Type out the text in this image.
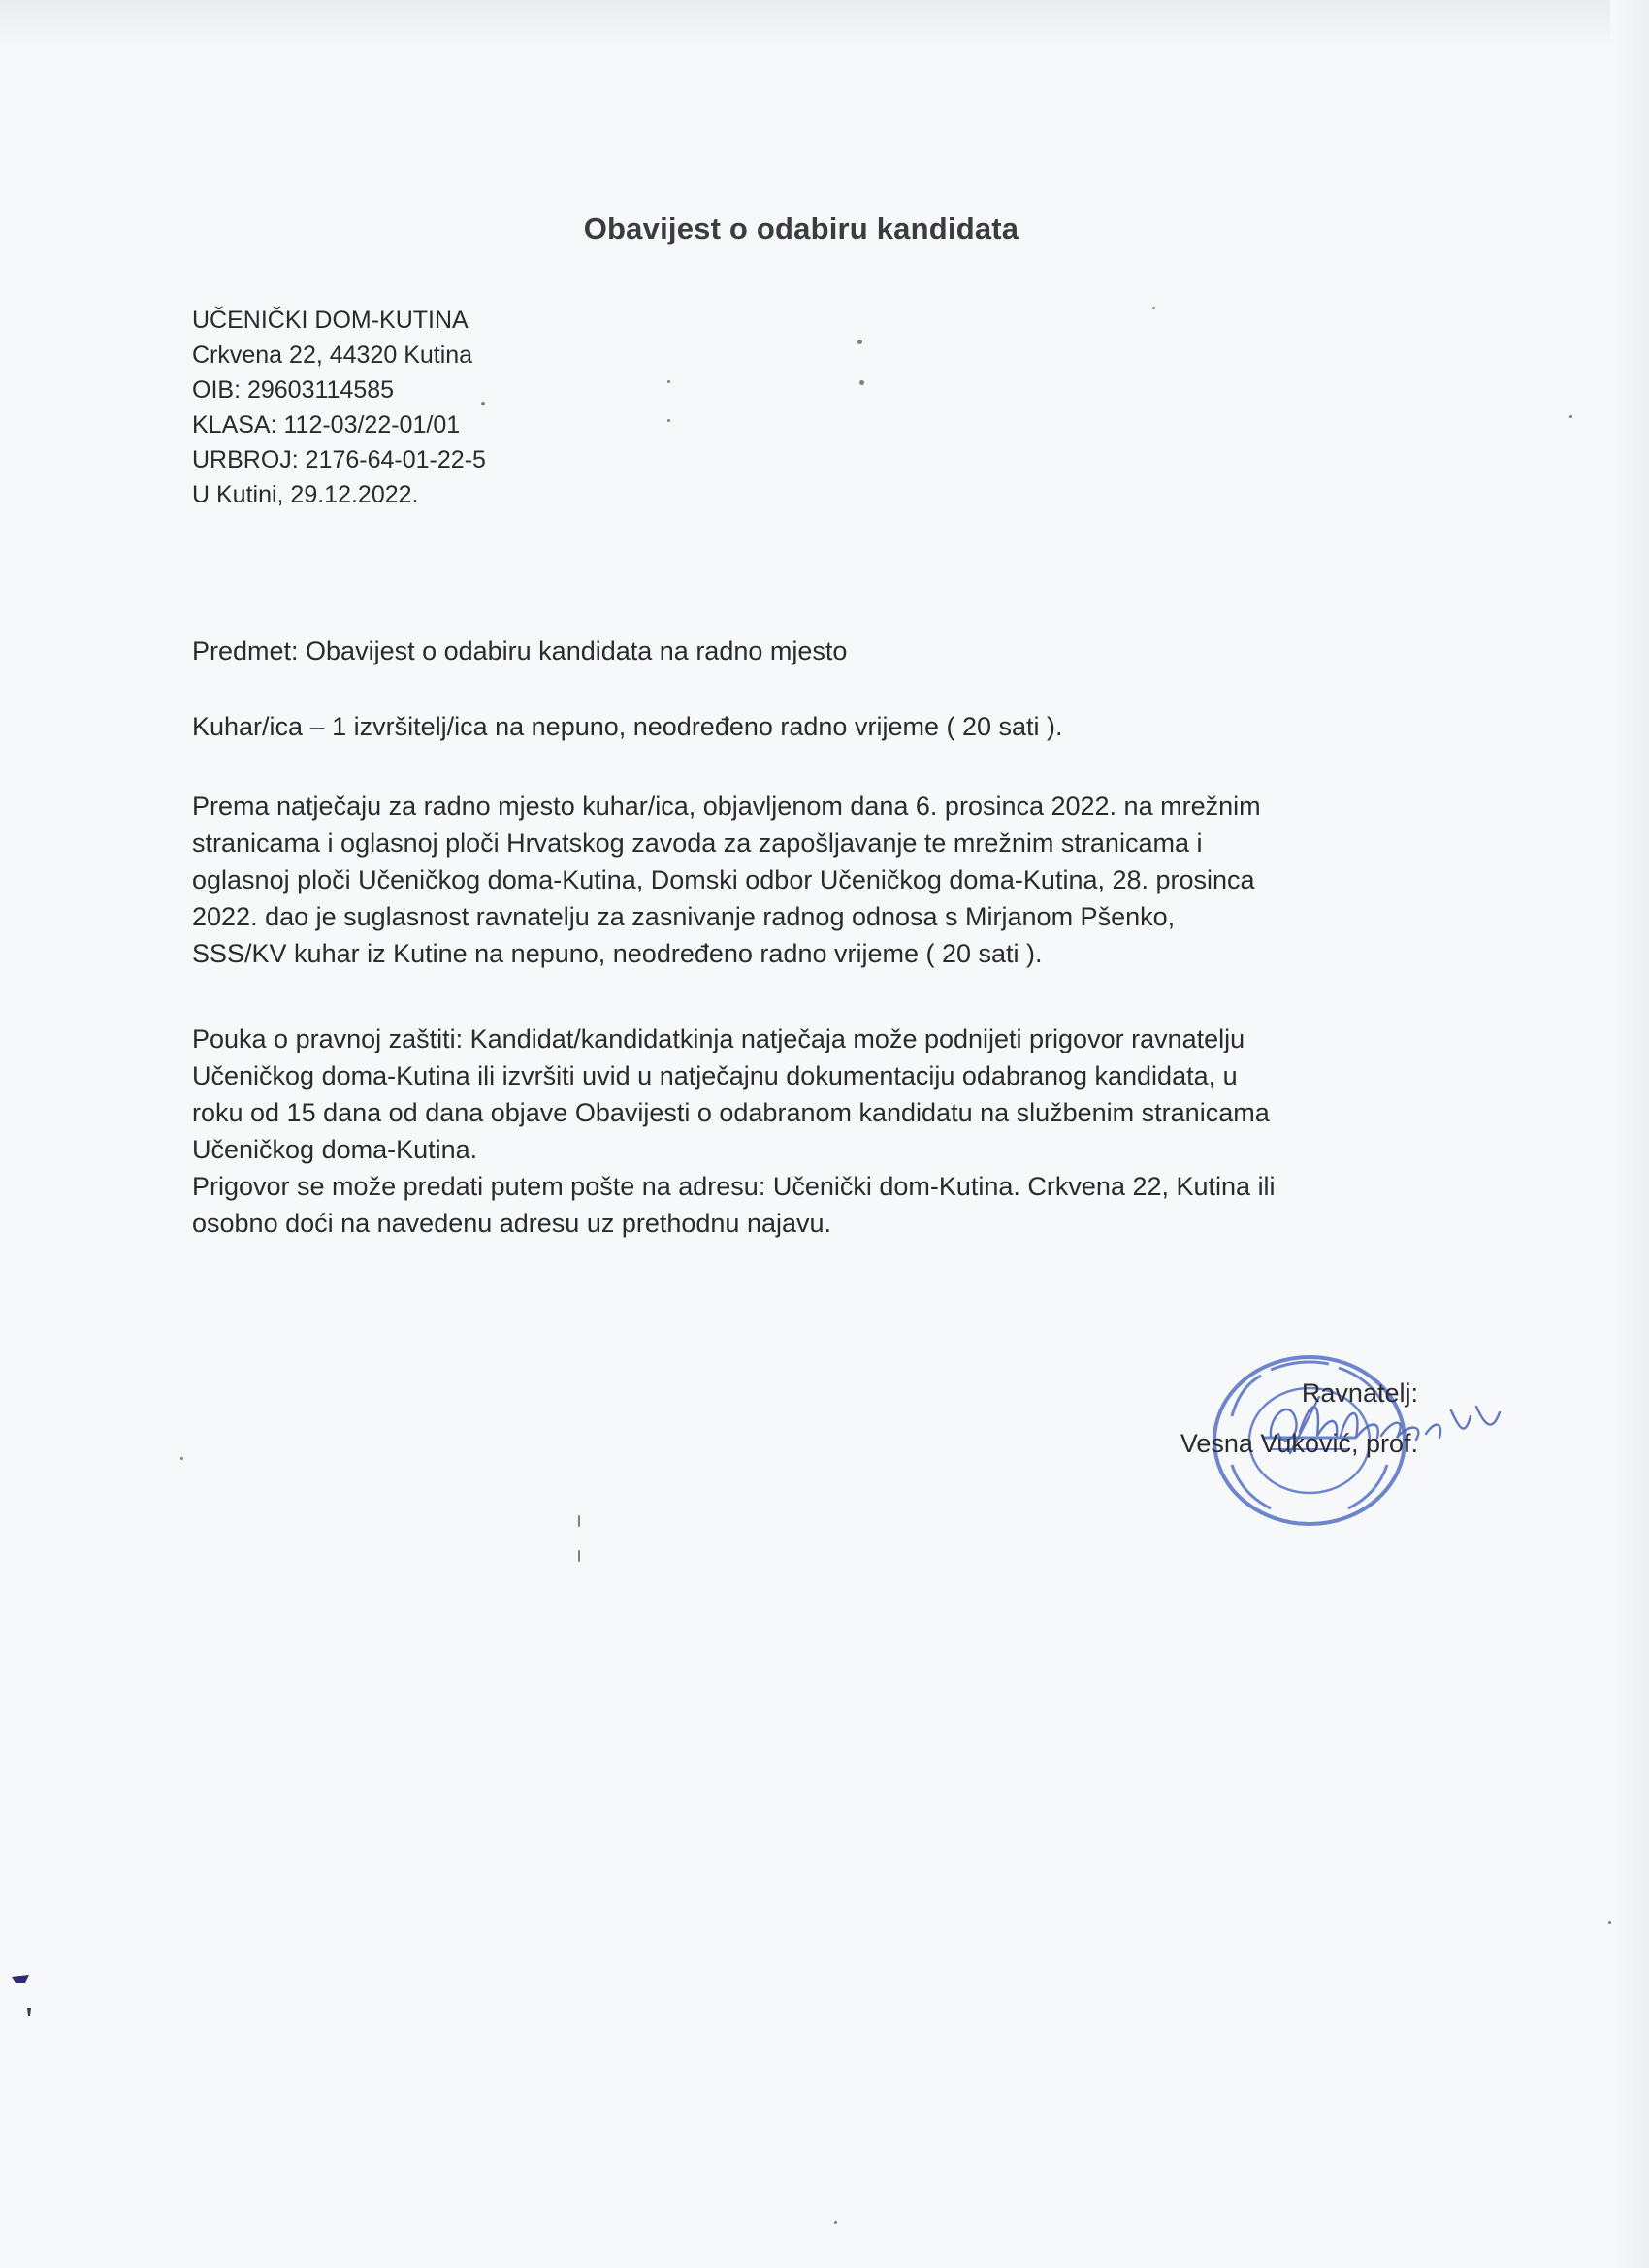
Obavijest o odabiru kandidata
UČENIČKI DOM-KUTINA
Crkvena 22, 44320 Kutina
OIB: 29603114585
KLASA: 112-03/22-01/01
URBROJ: 2176-64-01-22-5
U Kutini, 29.12.2022.
Predmet: Obavijest o odabiru kandidata na radno mjesto
Kuhar/ica – 1 izvršitelj/ica na nepuno, neodređeno radno vrijeme ( 20 sati ).
Prema natječaju za radno mjesto kuhar/ica, objavljenom dana 6. prosinca 2022. na mrežnim
stranicama i oglasnoj ploči Hrvatskog zavoda za zapošljavanje te mrežnim stranicama i
oglasnoj ploči Učeničkog doma-Kutina, Domski odbor Učeničkog doma-Kutina, 28. prosinca
2022. dao je suglasnost ravnatelju za zasnivanje radnog odnosa s Mirjanom Pšenko,
SSS/KV kuhar iz Kutine na nepuno, neodređeno radno vrijeme ( 20 sati ).
Pouka o pravnoj zaštiti: Kandidat/kandidatkinja natječaja može podnijeti prigovor ravnatelju
Učeničkog doma-Kutina ili izvršiti uvid u natječajnu dokumentaciju odabranog kandidata, u
roku od 15 dana od dana objave Obavijesti o odabranom kandidatu na službenim stranicama
Učeničkog doma-Kutina.
Prigovor se može predati putem pošte na adresu: Učenički dom-Kutina. Crkvena 22, Kutina ili
osobno doći na navedenu adresu uz prethodnu najavu.
Ravnatelj:
Vesna Vuković, prof.
